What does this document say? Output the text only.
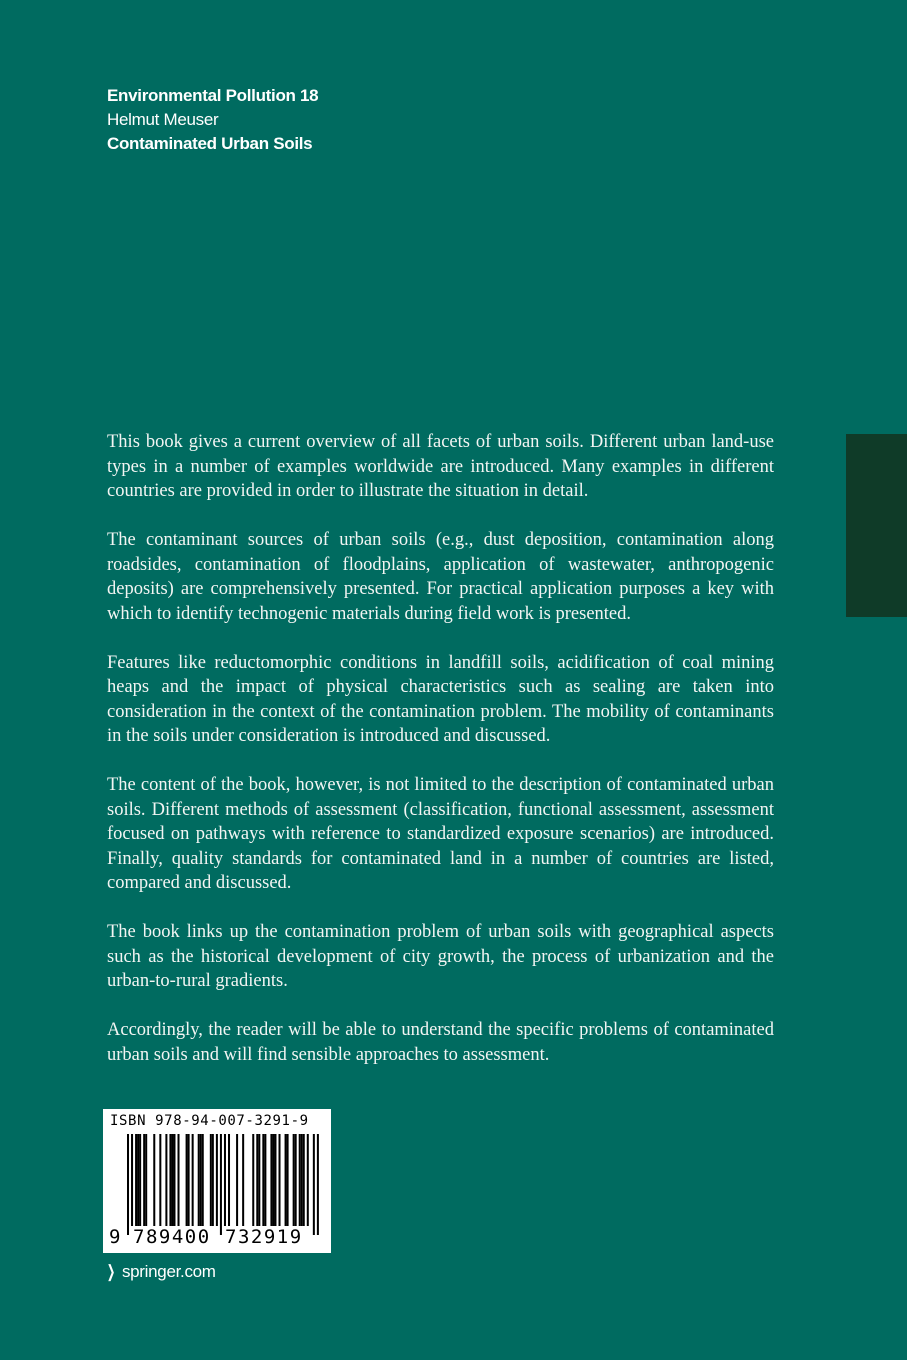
Environmental Pollution 18

Helmut Meuser

Contaminated Urban Soils

This book gives a current overview of all facets of urban soils. Different urban land-use types in a number of examples worldwide are introduced. Many examples in different countries are provided in order to illustrate the situation in detail.

The contaminant sources of urban soils (e.g., dust deposition, contamination along roadsides, contamination of floodplains, application of wastewater, anthropogenic deposits) are comprehensively presented. For practical application purposes a key with which to identify technogenic materials during field work is presented.

Features like reductomorphic conditions in landfill soils, acidification of coal mining heaps and the impact of physical characteristics such as sealing are taken into consideration in the context of the contamination problem. The mobility of contaminants in the soils under consideration is introduced and discussed.

The content of the book, however, is not limited to the description of contaminated urban soils. Different methods of assessment (classification, functional assessment, assessment focused on pathways with reference to standardized exposure scenarios) are introduced. Finally, quality standards for contaminated land in a number of countries are listed, compared and discussed.

The book links up the contamination problem of urban soils with geographical aspects such as the historical development of city growth, the process of urbanization and the urban-to-rural gradients.

Accordingly, the reader will be able to understand the specific problems of contaminated urban soils and will find sensible approaches to assessment.

ISBN 978-94-007-3291-9
9 789400 732919
❯ springer.com
